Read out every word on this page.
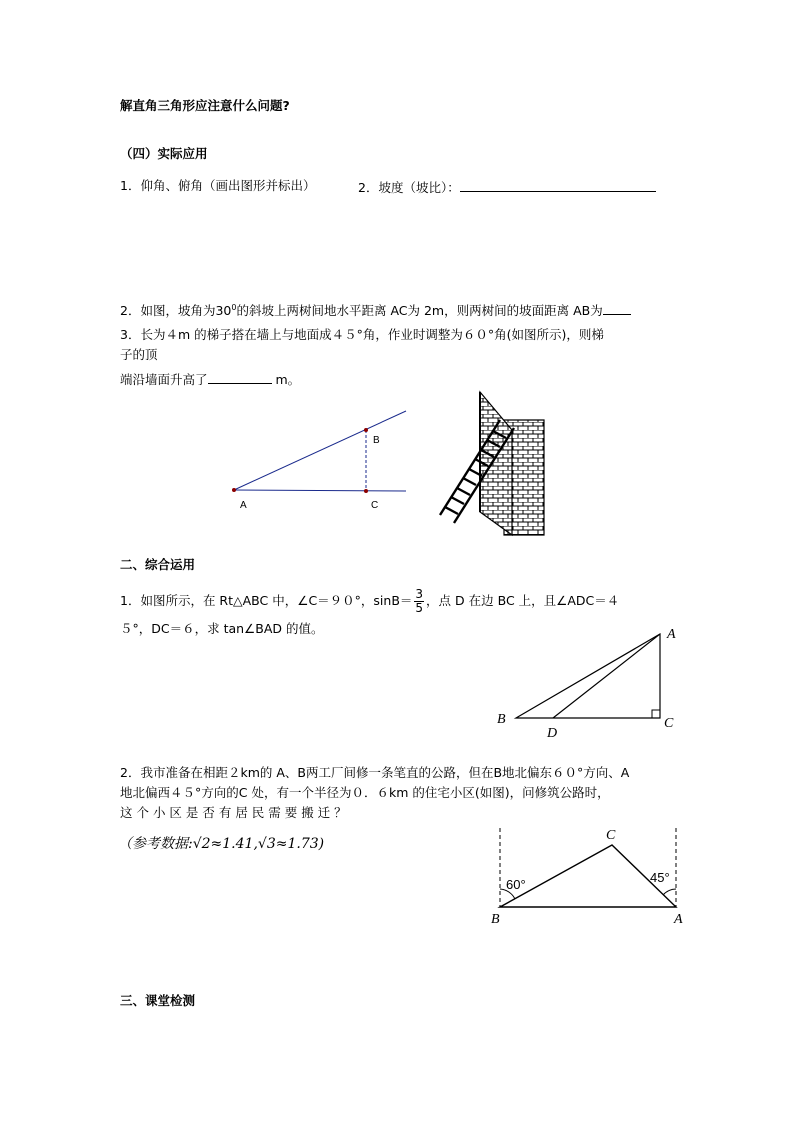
解直角三角形应注意什么问题?
（四）实际应用
1．仰角、俯角（画出图形并标出）	2．坡度（坡比）：
2．如图，坡角为$30^0$的斜坡上两树间地水平距离 AC为 2m，则两树间的坡面距离 AB为
3．长为４m 的梯子搭在墙上与地面成４５°角，作业时调整为６０°角(如图所示)，则梯
子的顶
端沿墙面升高了	m。
A
B
C
二、综合运用
1．如图所示，在 Rt△ABC 中，∠C＝９０°，$\sin B= \frac{3}{5}$ ，点 D 在边 BC 上，且∠ADC＝４
５°，DC＝６，求 tan∠BAD 的值。	A
B	C
D
2．我市准备在相距２km的 A、B两工厂间修一条笔直的公路，但在B地北偏东６０°方向、A
地北偏西４５°方向的C 处，有一个半径为０．６km 的住宅小区(如图)，问修筑公路时，
这 个 小 区 是 否 有 居 民 需 要 搬 迁 ？
（参考数据:√2≈1.41,√3≈1.73)
C
B	A
60°	45°
三、课堂检测
